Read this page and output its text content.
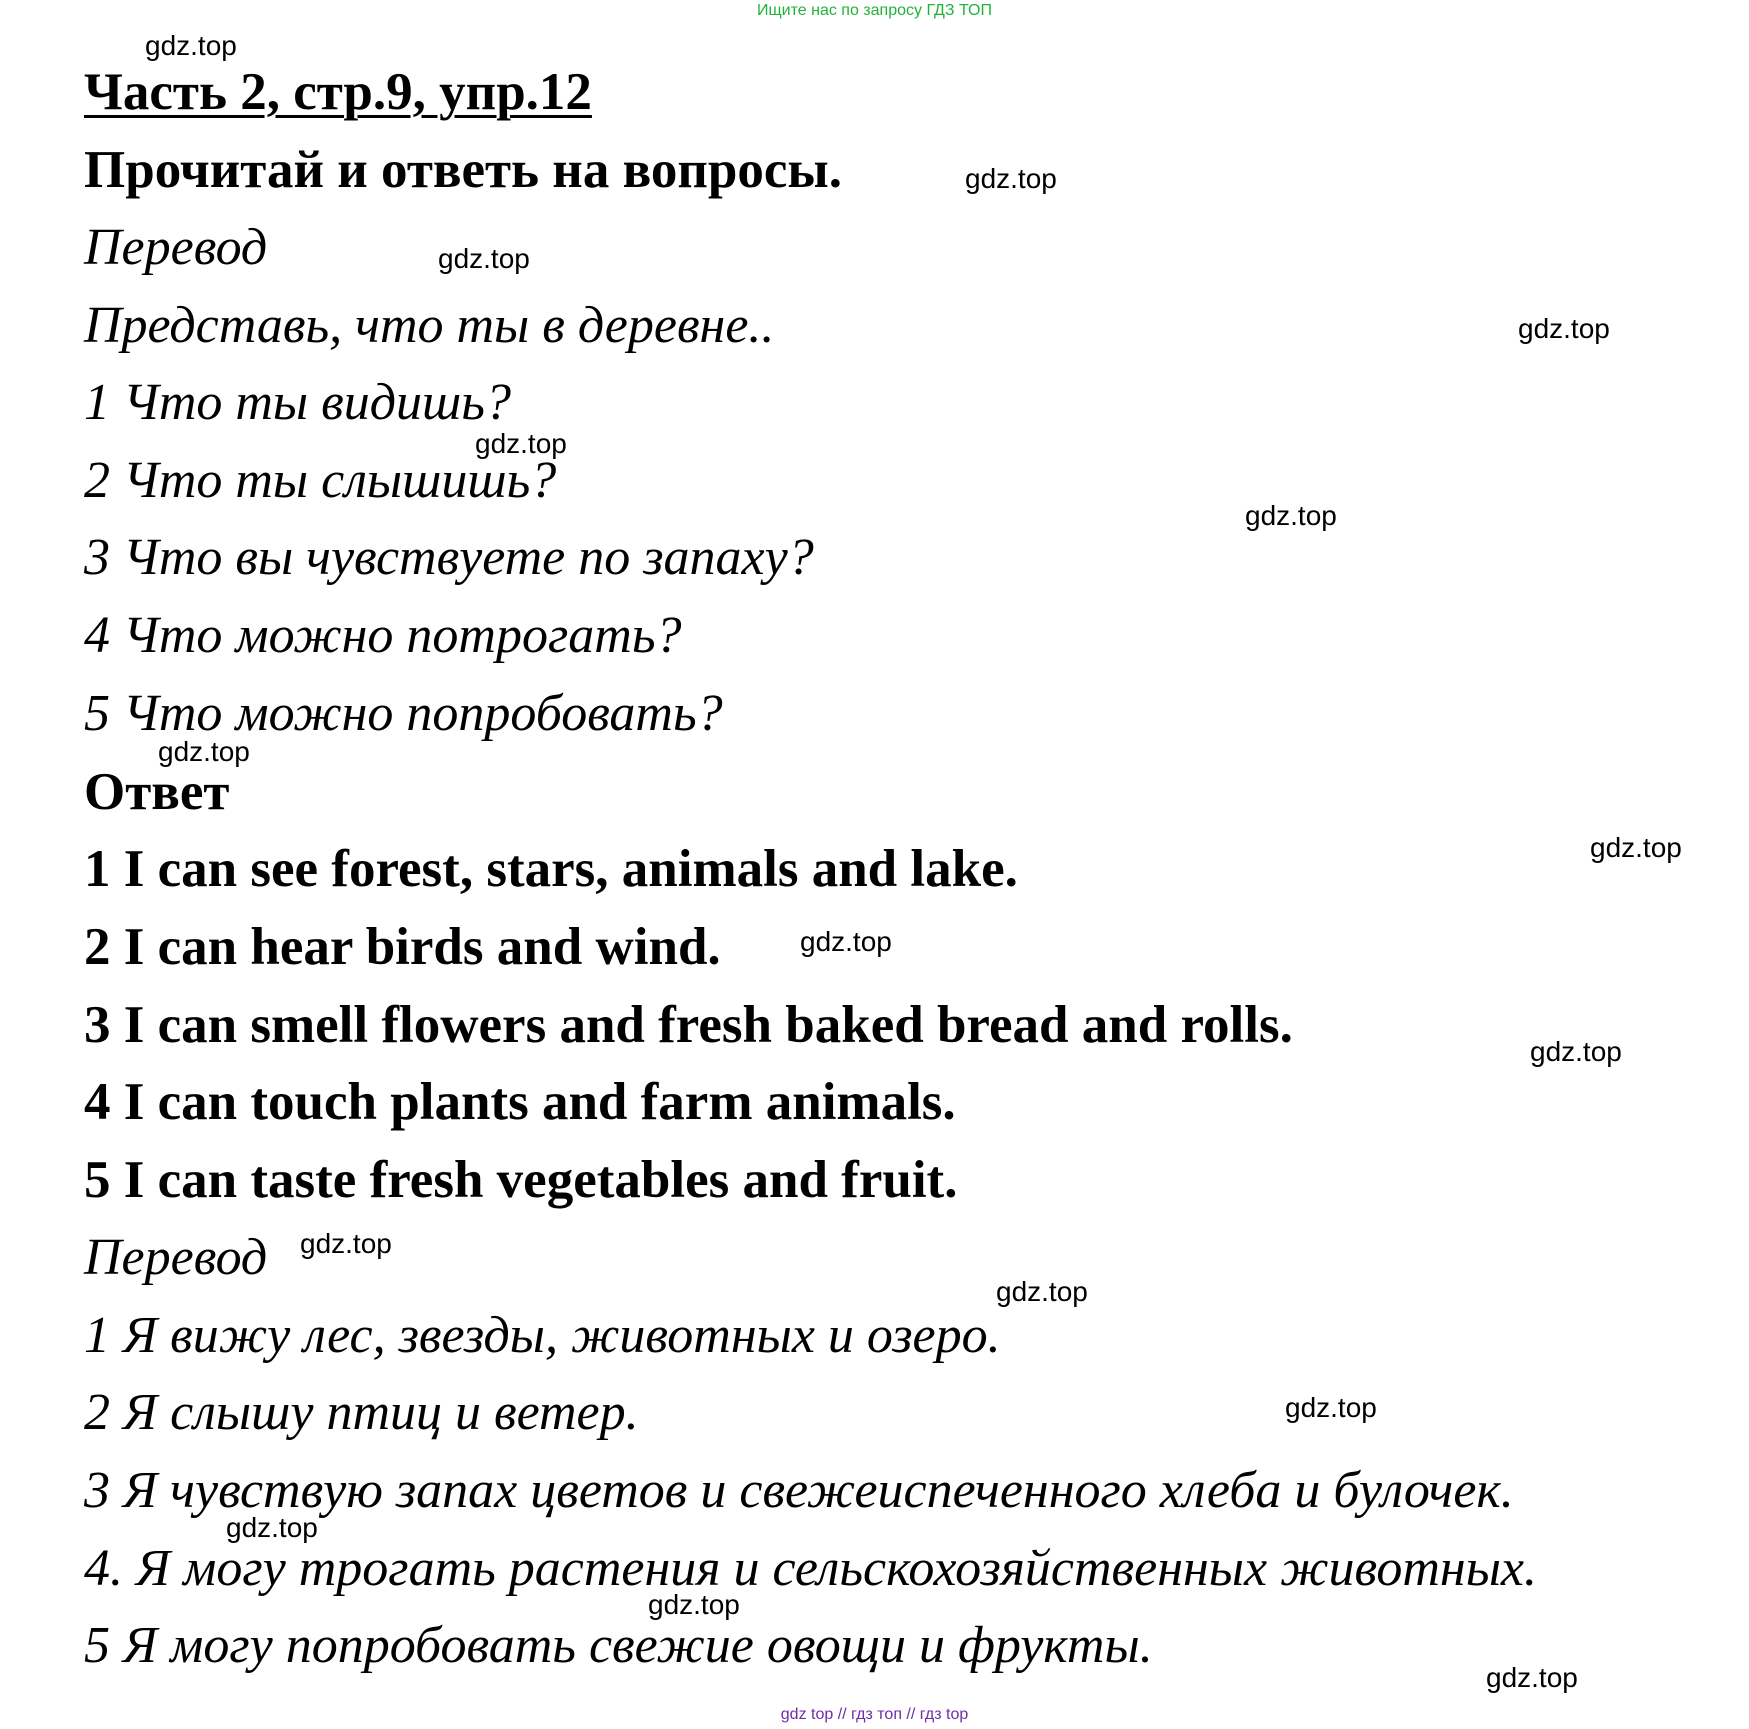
Ищите нас по запросу ГДЗ ТОП
Часть 2, стр.9, упр.12
Прочитай и ответь на вопросы.
Перевод
Представь, что ты в деревне..
1 Что ты видишь?
2 Что ты слышишь?
3 Что вы чувствуете по запаху?
4 Что можно потрогать?
5 Что можно попробовать?
Ответ
1 I can see forest, stars, animals and lake.
2 I can hear birds and wind.
3 I can smell flowers and fresh baked bread and rolls.
4 I can touch plants and farm animals.
5 I can taste fresh vegetables and fruit.
Перевод
1 Я вижу лес, звезды, животных и озеро.
2 Я слышу птиц и ветер.
3 Я чувствую запах цветов и свежеиспеченного хлеба и булочек.
4. Я могу трогать растения и сельскохозяйственных животных.
5 Я могу попробовать свежие овощи и фрукты.
gdz.top
gdz.top
gdz.top
gdz.top
gdz.top
gdz.top
gdz.top
gdz.top
gdz.top
gdz.top
gdz.top
gdz.top
gdz.top
gdz.top
gdz.top
gdz.top
gdz top // гдз топ // гдз top
